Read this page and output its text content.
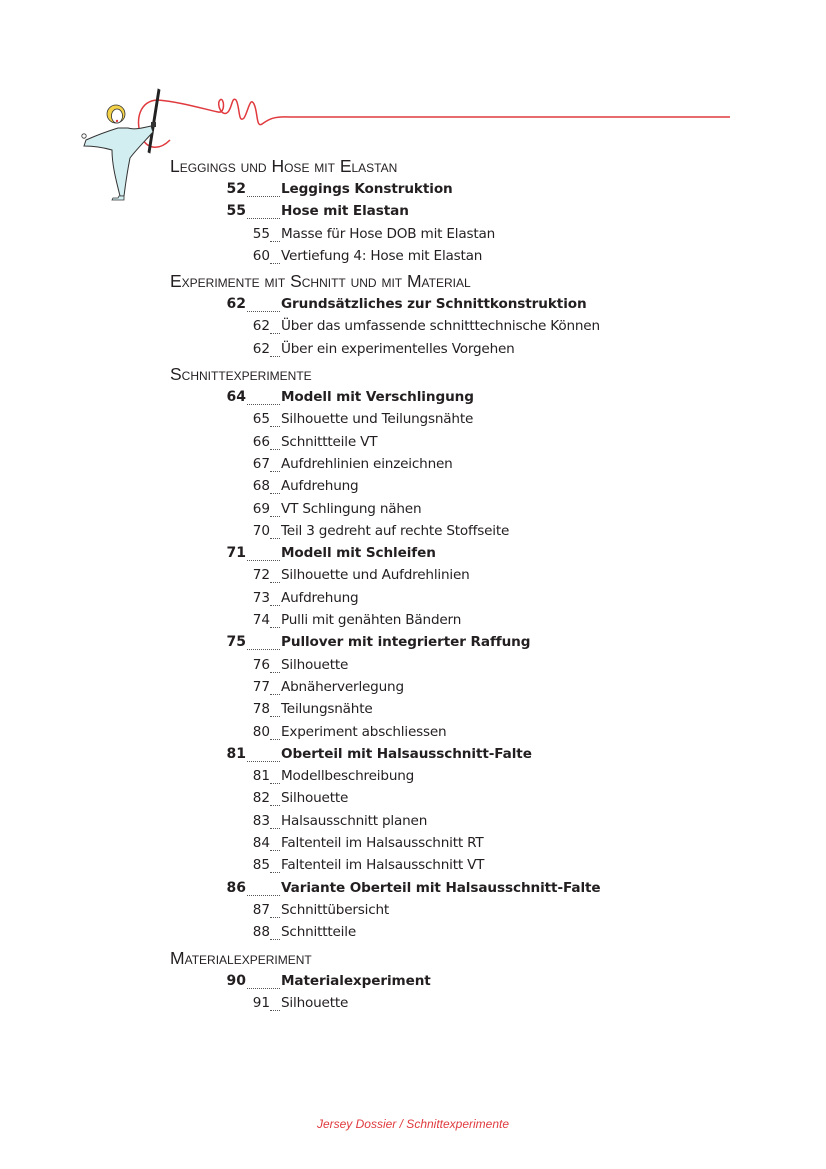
Leggings und Hose mit Elastan
52	Leggings Konstruktion
55	Hose mit Elastan
55 Masse für Hose DOB mit Elastan
60 Vertiefung 4: Hose mit Elastan
Experimente mit Schnitt und mit Material
62	Grundsätzliches zur Schnittkonstruktion
62 Über das umfassende schnitttechnische Können
62 Über ein experimentelles Vorgehen
Schnittexperimente
64	Modell mit Verschlingung
65 Silhouette und Teilungsnähte
66 Schnittteile VT
67 Aufdrehlinien einzeichnen
68 Aufdrehung
69 VT Schlingung nähen
70 Teil 3 gedreht auf rechte Stoffseite
71	Modell mit Schleifen
72 Silhouette und Aufdrehlinien
73 Aufdrehung
74 Pulli mit genähten Bändern
75	Pullover mit integrierter Raffung
76 Silhouette
77 Abnäherverlegung
78 Teilungsnähte
80 Experiment abschliessen
81	Oberteil mit Halsausschnitt-Falte
81 Modellbeschreibung
82 Silhouette
83 Halsausschnitt planen
84 Faltenteil im Halsausschnitt RT
85 Faltenteil im Halsausschnitt VT
86	Variante Oberteil mit Halsausschnitt-Falte
87 Schnittübersicht
88 Schnittteile
Materialexperiment
90	Materialexperiment
91 Silhouette
Jersey Dossier / Schnittexperimente
